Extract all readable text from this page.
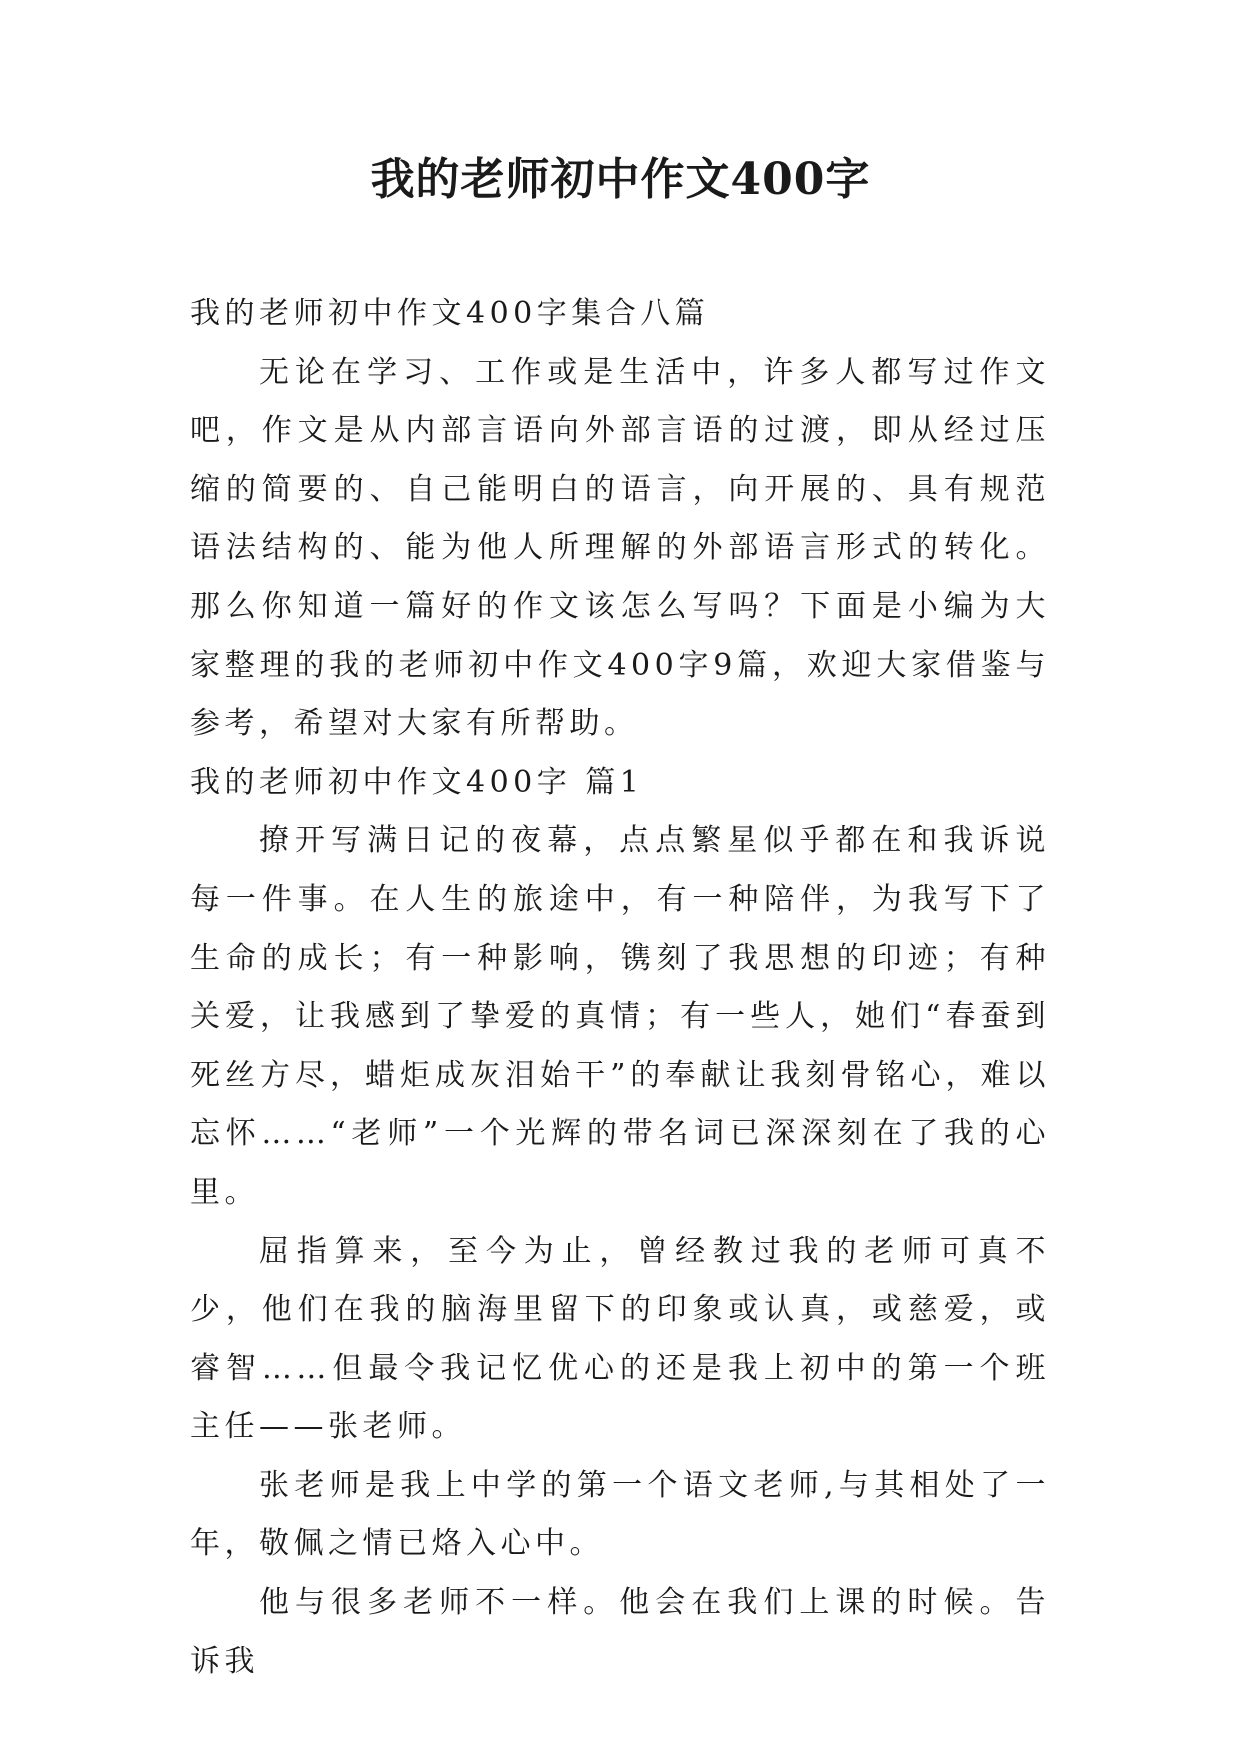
我的老师初中作文400字

我的老师初中作文400字集合八篇

无论在学习、工作或是生活中，许多人都写过作文吧，作文是从内部言语向外部言语的过渡，即从经过压缩的简要的、自己能明白的语言，向开展的、具有规范语法结构的、能为他人所理解的外部语言形式的转化。那么你知道一篇好的作文该怎么写吗？下面是小编为大家整理的我的老师初中作文400字9篇，欢迎大家借鉴与参考，希望对大家有所帮助。

我的老师初中作文400字 篇1

撩开写满日记的夜幕，点点繁星似乎都在和我诉说每一件事。在人生的旅途中，有一种陪伴，为我写下了生命的成长；有一种影响，镌刻了我思想的印迹；有种关爱，让我感到了挚爱的真情；有一些人，她们“春蚕到死丝方尽，蜡炬成灰泪始干”的奉献让我刻骨铭心，难以忘怀……“老师”一个光辉的带名词已深深刻在了我的心里。

屈指算来，至今为止，曾经教过我的老师可真不少，他们在我的脑海里留下的印象或认真，或慈爱，或睿智……但最令我记忆优心的还是我上初中的第一个班主任——张老师。

张老师是我上中学的第一个语文老师,与其相处了一年，敬佩之情已烙入心中。

他与很多老师不一样。他会在我们上课的时候。告诉我
